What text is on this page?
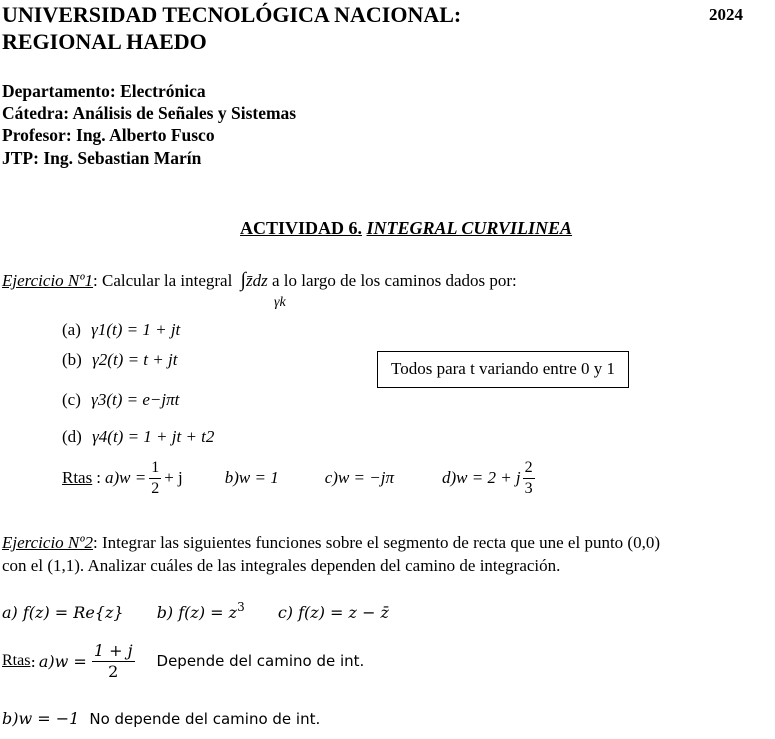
UNIVERSIDAD TECNOLÓGICA NACIONAL:
REGIONAL HAEDO
2024
Departamento: Electrónica
Cátedra: Análisis de Señales y Sistemas
Profesor: Ing. Alberto Fusco
JTP: Ing. Sebastian Marín
ACTIVIDAD 6. INTEGRAL CURVILINEA
Ejercicio Nº1: Calcular la integral ∫z̄dz a lo largo de los caminos dados por:
γk
(a) γ1(t) = 1 + jt
(b) γ2(t) = t + jt
(c) γ3(t) = e−jπt
(d) γ4(t) = 1 + jt + t2
Todos para t variando entre 0 y 1
Rtas : $a)w = \frac{1}{2} + j$ b)w = 1	c)w = −jπ	d)w = 2 + j $\frac{2}{3}$
Ejercicio Nº2: Integrar las siguientes funciones sobre el segmento de recta que une el punto (0,0)
con el (1,1). Analizar cuáles de las integrales dependen del camino de integración.
a) f(z) = Re{z} b) $f(z) = z^3$ c) f(z) = z − z̄
Rtas : $a)w = \frac{1 + j}{2}$ Depende del camino de int.
b)w = −1 No depende del camino de int.
